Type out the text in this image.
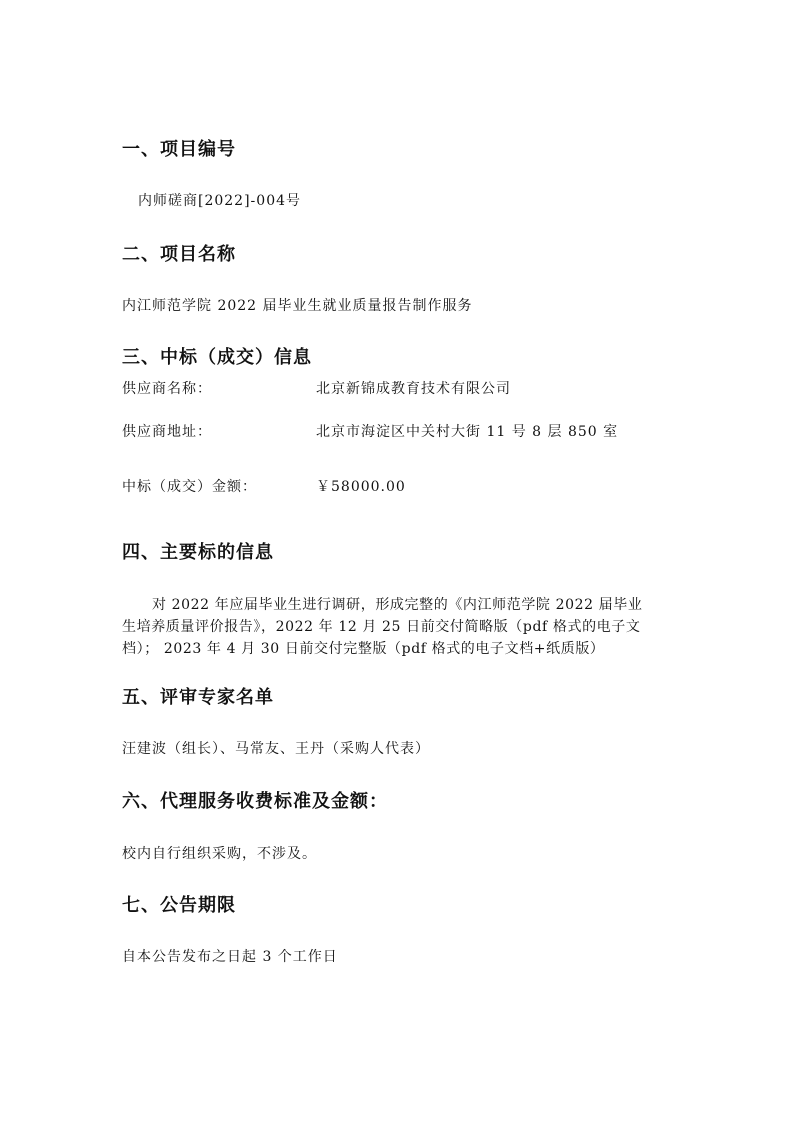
一、项目编号
内师磋商[2022]-004号
二、项目名称
内江师范学院 2022 届毕业生就业质量报告制作服务
三、中标（成交）信息
供应商名称：	北京新锦成教育技术有限公司
供应商地址：	北京市海淀区中关村大街 11 号 8 层 850 室
中标（成交）金额：	￥58000.00
四、主要标的信息
对 2022 年应届毕业生进行调研，形成完整的《内江师范学院 2022 届毕业
生培养质量评价报告》，2022 年 12 月 25 日前交付简略版（pdf 格式的电子文
档）； 2023 年 4 月 30 日前交付完整版（pdf 格式的电子文档+纸质版）
五、评审专家名单
汪建波（组长）、马常友、王丹（采购人代表）
六、代理服务收费标准及金额：
校内自行组织采购，不涉及。
七、公告期限
自本公告发布之日起 3 个工作日
